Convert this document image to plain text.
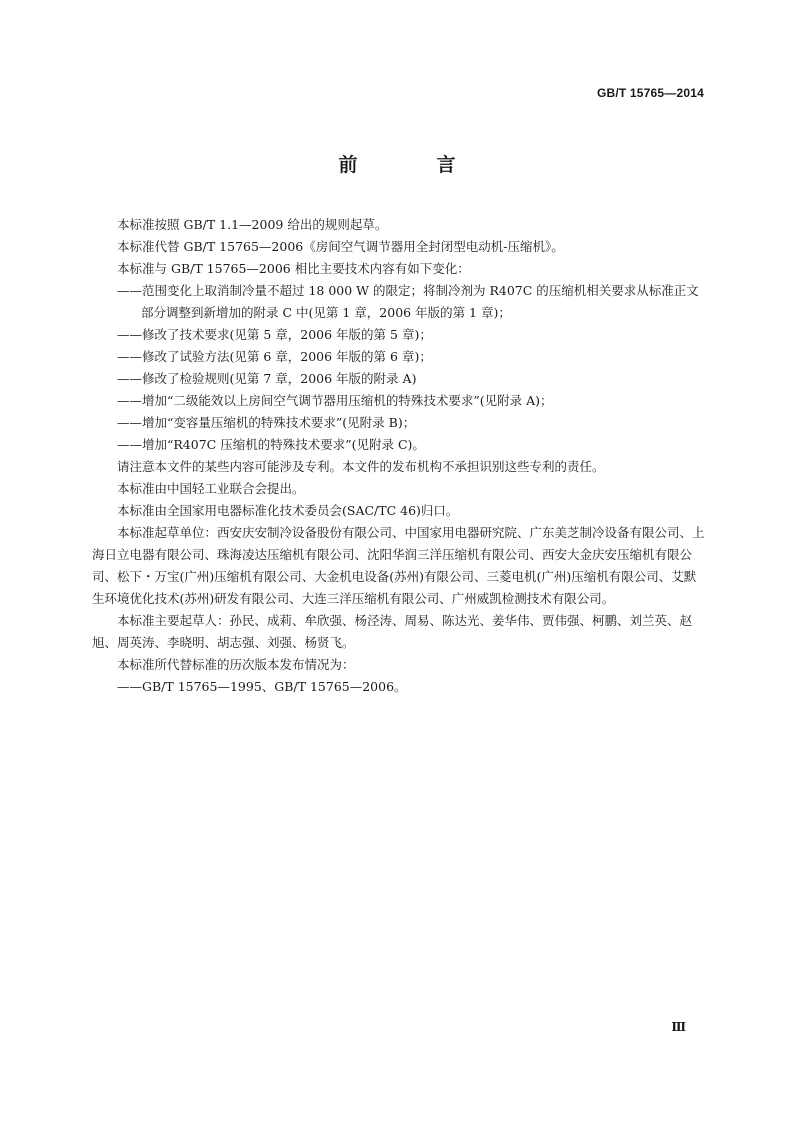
GB/T 15765—2014
前　言

本标准按照 GB/T 1.1—2009 给出的规则起草。

本标准代替 GB/T 15765—2006《房间空气调节器用全封闭型电动机-压缩机》。

本标准与 GB/T 15765—2006 相比主要技术内容有如下变化：

——范围变化上取消制冷量不超过 18 000 W 的限定；将制冷剂为 R407C 的压缩机相关要求从标准正文部分调整到新增加的附录 C 中(见第 1 章，2006 年版的第 1 章)；

——修改了技术要求(见第 5 章，2006 年版的第 5 章)；

——修改了试验方法(见第 6 章，2006 年版的第 6 章)；

——修改了检验规则(见第 7 章，2006 年版的附录 A)

——增加“二级能效以上房间空气调节器用压缩机的特殊技术要求”(见附录 A)；

——增加“变容量压缩机的特殊技术要求”(见附录 B)；

——增加“R407C 压缩机的特殊技术要求”(见附录 C)。

请注意本文件的某些内容可能涉及专利。本文件的发布机构不承担识别这些专利的责任。

本标准由中国轻工业联合会提出。

本标准由全国家用电器标准化技术委员会(SAC/TC 46)归口。

本标准起草单位：西安庆安制冷设备股份有限公司、中国家用电器研究院、广东美芝制冷设备有限公司、上海日立电器有限公司、珠海凌达压缩机有限公司、沈阳华润三洋压缩机有限公司、西安大金庆安压缩机有限公司、松下・万宝(广州)压缩机有限公司、大金机电设备(苏州)有限公司、三菱电机(广州)压缩机有限公司、艾默生环境优化技术(苏州)研发有限公司、大连三洋压缩机有限公司、广州威凯检测技术有限公司。

本标准主要起草人：孙民、成莉、牟欣强、杨泾涛、周易、陈达光、姜华伟、贾伟强、柯鹏、刘兰英、赵旭、周英涛、李晓明、胡志强、刘强、杨贤飞。

本标准所代替标准的历次版本发布情况为：

——GB/T 15765—1995、GB/T 15765—2006。

Ⅲ
